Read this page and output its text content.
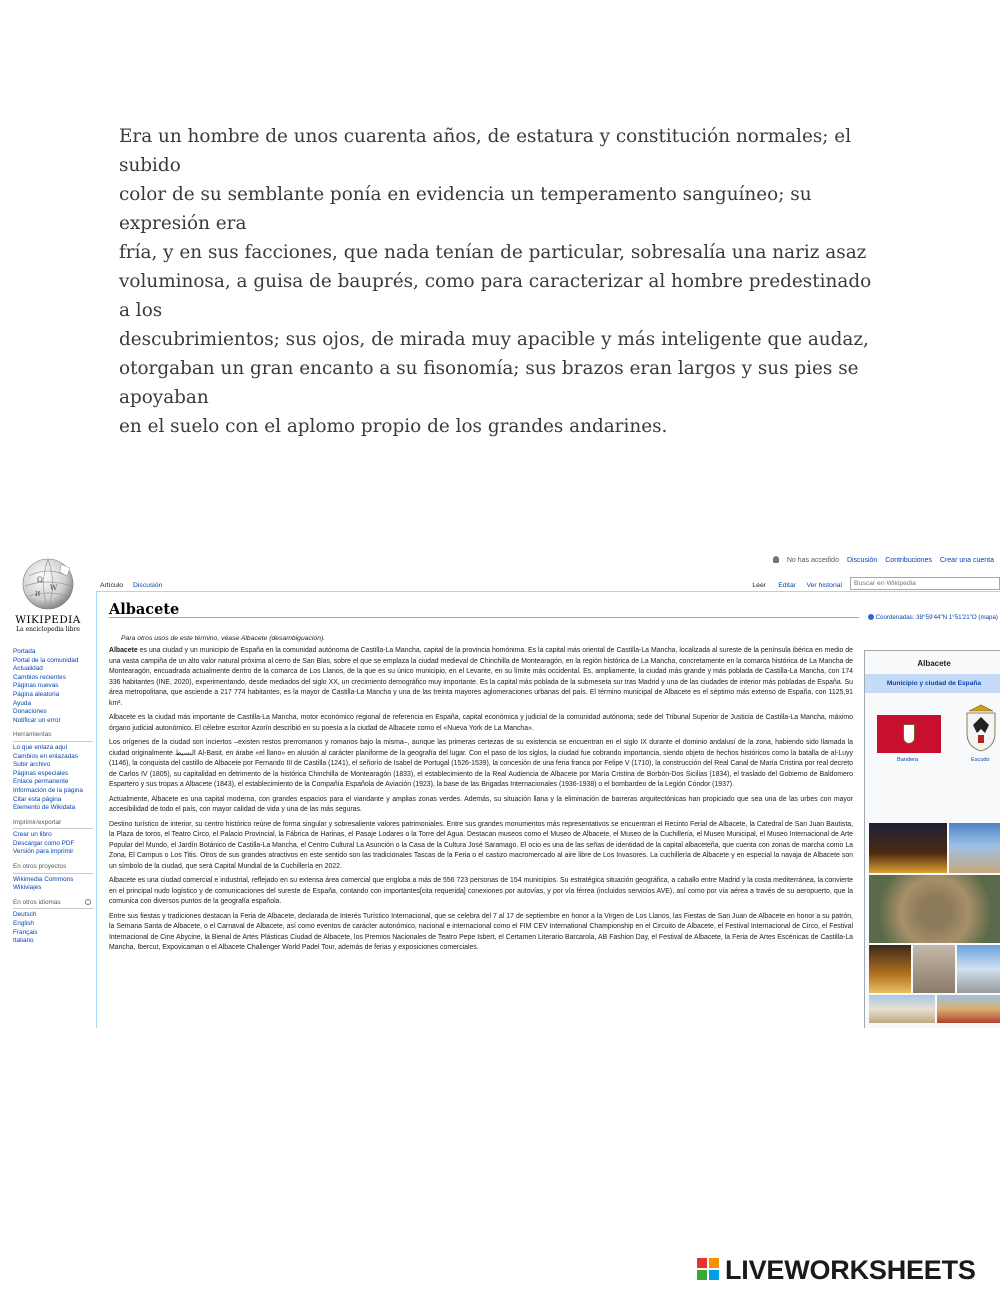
Era un hombre de unos cuarenta años, de estatura y constitución normales; el subido
color de su semblante ponía en evidencia un temperamento sanguíneo; su expresión era
fría, y en sus facciones, que nada tenían de particular, sobresalía una nariz asaz
voluminosa, a guisa de bauprés, como para caracterizar al hombre predestinado a los
descubrimientos; sus ojos, de mirada muy apacible y más inteligente que audaz,
otorgaban un gran encanto a su fisonomía; sus brazos eran largos y sus pies se apoyaban
en el suelo con el aplomo propio de los grandes andarines.
No has accedido Discusión Contribuciones Crear una cuenta
Ω
W
И
WIKIPEDIA
La enciclopedia libre
Portada
Portal de la comunidad
Actualidad
Cambios recientes
Páginas nuevas
Página aleatoria
Ayuda
Donaciones
Notificar un error
Herramientas
Lo que enlaza aquí
Cambios en enlazadas
Subir archivo
Páginas especiales
Enlace permanente
Información de la página
Citar esta página
Elemento de Wikidata
Imprimir/exportar
Crear un libro
Descargar como PDF
Versión para imprimir
En otros proyectos
Wikimedia Commons
Wikiviajes
En otros idiomas
Deutsch
English
Français
Italiano
Artículo Discusión	Leer Editar Ver historial
Buscar en Wikipedia
Albacete	Coordenadas: 38°59′44″N 1°51′21″O (mapa)
Para otros usos de este término, véase Albacete (desambiguación).

Albacete es una ciudad y un municipio de España en la comunidad autónoma de Castilla-La Mancha, capital de la provincia homónima. Es la capital más oriental de Castilla-La Mancha, localizada al sureste de la península ibérica en medio de una vasta campiña de un alto valor natural próxima al cerro de San Blas, sobre el que se emplaza la ciudad medieval de Chinchilla de Montearagón, en la región histórica de La Mancha, concretamente en la comarca histórica de La Mancha de Montearagón, encuadrada actualmente dentro de la comarca de Los Llanos, de la que es su único municipio, en el Levante, en su límite más occidental. Es, ampliamente, la ciudad más grande y más poblada de Castilla-La Mancha, con 174 336 habitantes (INE, 2020), experimentando, desde mediados del siglo XX, un crecimiento demográfico muy importante. Es la capital más poblada de la submeseta sur tras Madrid y una de las ciudades de interior más pobladas de España. Su área metropolitana, que asciende a 217 774 habitantes, es la mayor de Castilla-La Mancha y una de las treinta mayores aglomeraciones urbanas del país. El término municipal de Albacete es el séptimo más extenso de España, con 1125,91 km².

Albacete es la ciudad más importante de Castilla-La Mancha, motor económico regional de referencia en España, capital económica y judicial de la comunidad autónoma; sede del Tribunal Superior de Justicia de Castilla-La Mancha, máximo órgano judicial autonómico. El célebre escritor Azorín describió en su poesía a la ciudad de Albacete como el «Nueva York de La Mancha».

Los orígenes de la ciudad son inciertos –existen restos prerromanos y romanos bajo la misma–, aunque las primeras certezas de su existencia se encuentran en el siglo IX durante el dominio andalusí de la zona, habiendo sido llamada la ciudad originalmente البسيط Al-Basit, en árabe «el llano» en alusión al carácter planiforme de la geografía del lugar. Con el paso de los siglos, la ciudad fue cobrando importancia, siendo objeto de hechos históricos como la batalla de al-Luyy (1146), la conquista del castillo de Albacete por Fernando III de Castilla (1241), el señorío de Isabel de Portugal (1526-1539), la concesión de una feria franca por Felipe V (1710), la construcción del Real Canal de María Cristina por real decreto de Carlos IV (1805), su capitalidad en detrimento de la histórica Chinchilla de Montearagón (1833), el establecimiento de la Real Audiencia de Albacete por María Cristina de Borbón-Dos Sicilias (1834), el traslado del Gobierno de Baldomero Espartero y sus tropas a Albacete (1843), el establecimiento de la Compañía Española de Aviación (1923), la base de las Brigadas Internacionales (1936-1938) o el bombardeo de la Legión Cóndor (1937).

Actualmente, Albacete es una capital moderna, con grandes espacios para el viandante y amplias zonas verdes. Además, su situación llana y la eliminación de barreras arquitectónicas han propiciado que sea una de las urbes con mayor accesibilidad de todo el país, con mayor calidad de vida y una de las más seguras.

Destino turístico de interior, su centro histórico reúne de forma singular y sobresaliente valores patrimoniales. Entre sus grandes monumentos más representativos se encuentran el Recinto Ferial de Albacete, la Catedral de San Juan Bautista, la Plaza de toros, el Teatro Circo, el Palacio Provincial, la Fábrica de Harinas, el Pasaje Lodares o la Torre del Agua. Destacan museos como el Museo de Albacete, el Museo de la Cuchillería, el Museo Municipal, el Museo Internacional de Arte Popular del Mundo, el Jardín Botánico de Castilla-La Mancha, el Centro Cultural La Asunción o la Casa de la Cultura José Saramago. El ocio es una de las señas de identidad de la capital albaceteña, que cuenta con zonas de marcha como La Zona, El Campus o Los Titis. Otros de sus grandes atractivos en este sentido son las tradicionales Tascas de la Feria o el castizo macromercado al aire libre de Los Invasores. La cuchillería de Albacete y en especial la navaja de Albacete son un símbolo de la ciudad, que será Capital Mundial de la Cuchillería en 2022.

Albacete es una ciudad comercial e industrial, reflejado en su extensa área comercial que engloba a más de 556 723 personas de 154 municipios. Su estratégica situación geográfica, a caballo entre Madrid y la costa mediterránea, la convierte en el principal nudo logístico y de comunicaciones del sureste de España, contando con importantes[cita requerida] conexiones por autovías, y por vía férrea (incluidos servicios AVE), así como por vía aérea a través de su aeropuerto, que la comunica con diversos puntos de la geografía española.

Entre sus fiestas y tradiciones destacan la Feria de Albacete, declarada de Interés Turístico Internacional, que se celebra del 7 al 17 de septiembre en honor a la Virgen de Los Llanos, las Fiestas de San Juan de Albacete en honor a su patrón, la Semana Santa de Albacete, o el Carnaval de Albacete, así como eventos de carácter autonómico, nacional e internacional como el FIM CEV International Championship en el Circuito de Albacete, el Festival Internacional de Circo, el Festival Internacional de Cine Abycine, la Bienal de Artes Plásticas Ciudad de Albacete, los Premios Nacionales de Teatro Pepe Isbert, el Certamen Literario Barcarola, AB Fashion Day, el Festival de Albacete, la Feria de Artes Escénicas de Castilla-La Mancha, Ibercut, Expovicaman o el Albacete Challenger World Padel Tour, además de ferias y exposiciones comerciales.

Albacete
Municipio y ciudad de España
Bandera	Escudo
LIVEWORKSHEETS
